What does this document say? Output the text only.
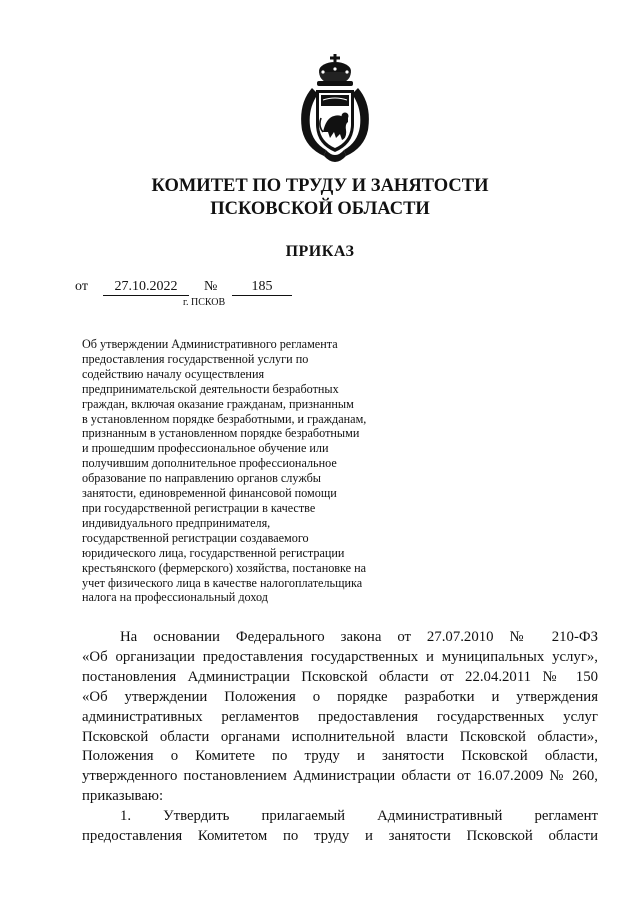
КОМИТЕТ ПО ТРУДУ И ЗАНЯТОСТИ
ПСКОВСКОЙ ОБЛАСТИ
ПРИКАЗ
от	27.10.2022	№	185
г. ПСКОВ
Об утверждении Административного регламента
предоставления государственной услуги по
содействию началу осуществления
предпринимательской деятельности безработных
граждан, включая оказание гражданам, признанным
в установленном порядке безработными, и гражданам,
признанным в установленном порядке безработными
и прошедшим профессиональное обучение или
получившим дополнительное профессиональное
образование по направлению органов службы
занятости, единовременной финансовой помощи
при государственной регистрации в качестве
индивидуального предпринимателя,
государственной регистрации создаваемого
юридического лица, государственной регистрации
крестьянского (фермерского) хозяйства, постановке на
учет физического лица в качестве налогоплательщика
налога на профессиональный доход
На основании Федерального закона от 27.07.2010 № 210-ФЗ
«Об организации предоставления государственных и муниципальных услуг»,
постановления Администрации Псковской области от 22.04.2011 № 150
«Об утверждении Положения о порядке разработки и утверждения
административных регламентов предоставления государственных услуг
Псковской области органами исполнительной власти Псковской области»,
Положения о Комитете по труду и занятости Псковской области,
утвержденного постановлением Администрации области от 16.07.2009 № 260,
приказываю:
1. Утвердить прилагаемый Административный регламент
предоставления Комитетом по труду и занятости Псковской области
